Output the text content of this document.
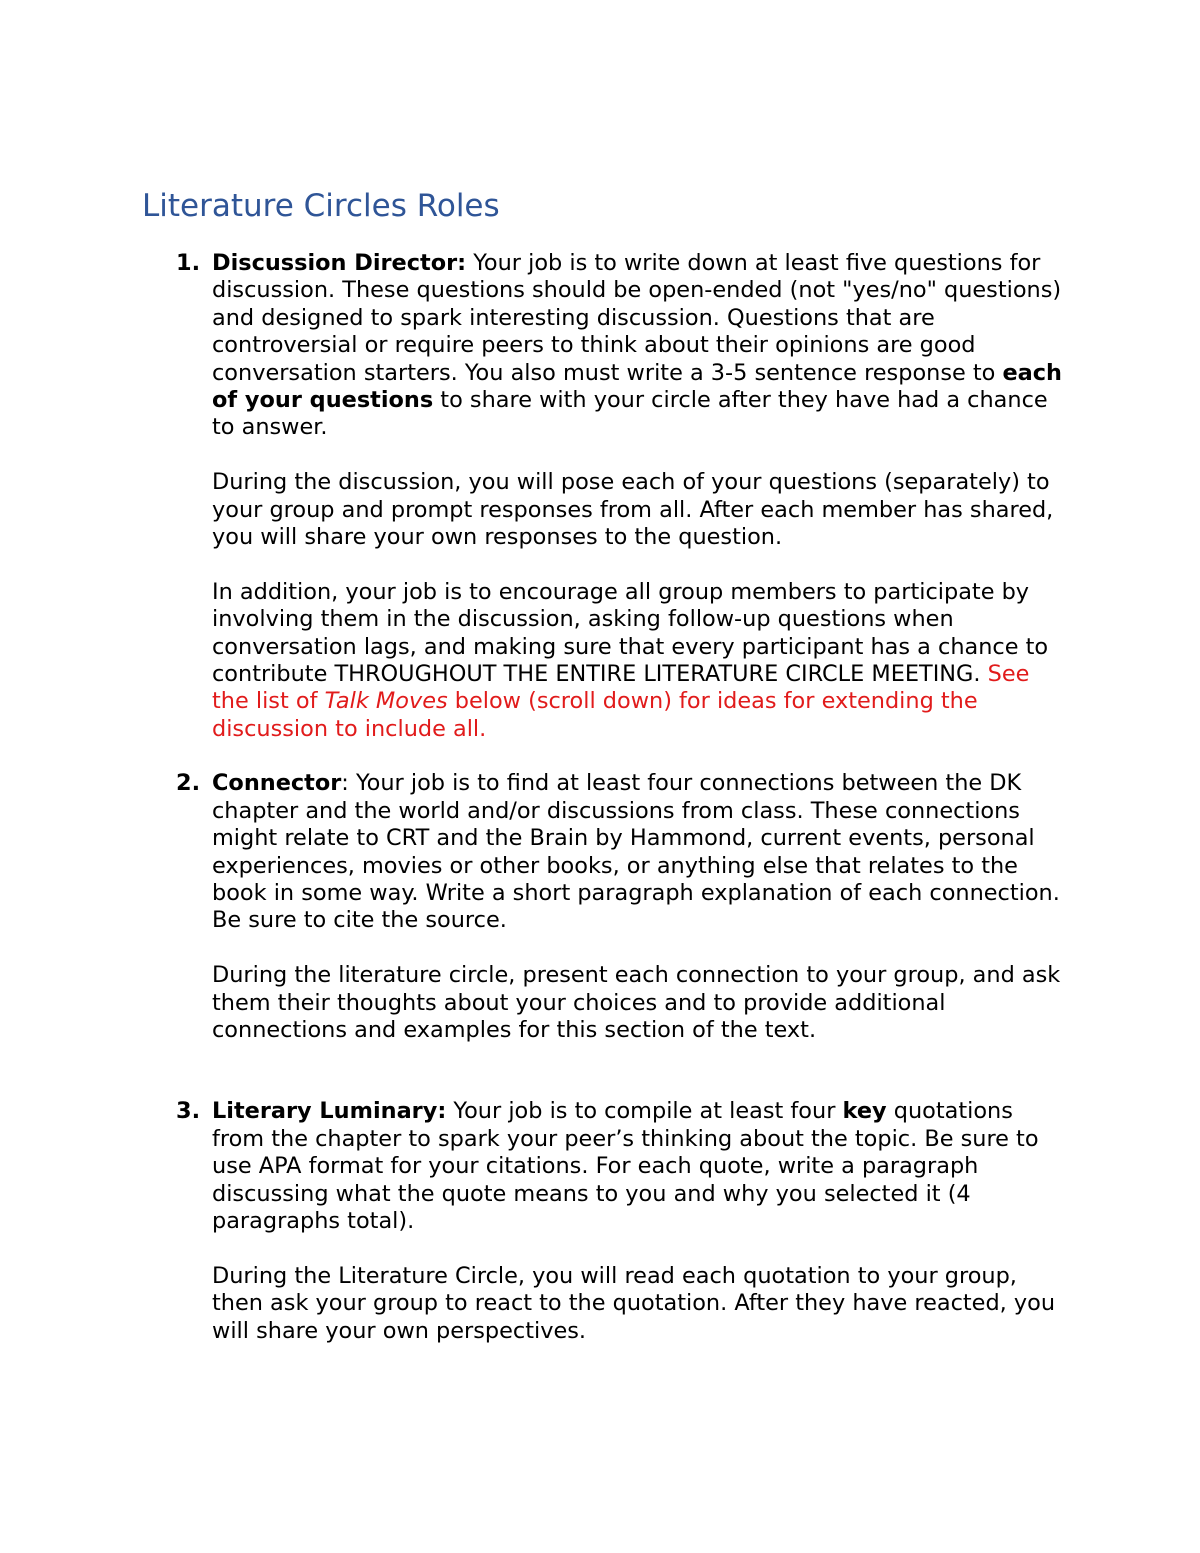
Literature Circles Roles
1. Discussion Director: Your job is to write down at least five questions for discussion. These questions should be open-ended (not "yes/no" questions) and designed to spark interesting discussion. Questions that are controversial or require peers to think about their opinions are good conversation starters. You also must write a 3-5 sentence response to each of your questions to share with your circle after they have had a chance to answer.

During the discussion, you will pose each of your questions (separately) to your group and prompt responses from all. After each member has shared, you will share your own responses to the question.

In addition, your job is to encourage all group members to participate by involving them in the discussion, asking follow-up questions when conversation lags, and making sure that every participant has a chance to contribute THROUGHOUT THE ENTIRE LITERATURE CIRCLE MEETING. See the list of Talk Moves below (scroll down) for ideas for extending the discussion to include all.

2. Connector: Your job is to find at least four connections between the DK chapter and the world and/or discussions from class. These connections might relate to CRT and the Brain by Hammond, current events, personal experiences, movies or other books, or anything else that relates to the book in some way. Write a short paragraph explanation of each connection. Be sure to cite the source.

During the literature circle, present each connection to your group, and ask them their thoughts about your choices and to provide additional connections and examples for this section of the text.

3. Literary Luminary: Your job is to compile at least four key quotations from the chapter to spark your peer’s thinking about the topic. Be sure to use APA format for your citations. For each quote, write a paragraph discussing what the quote means to you and why you selected it (4 paragraphs total).

During the Literature Circle, you will read each quotation to your group, then ask your group to react to the quotation. After they have reacted, you will share your own perspectives.
